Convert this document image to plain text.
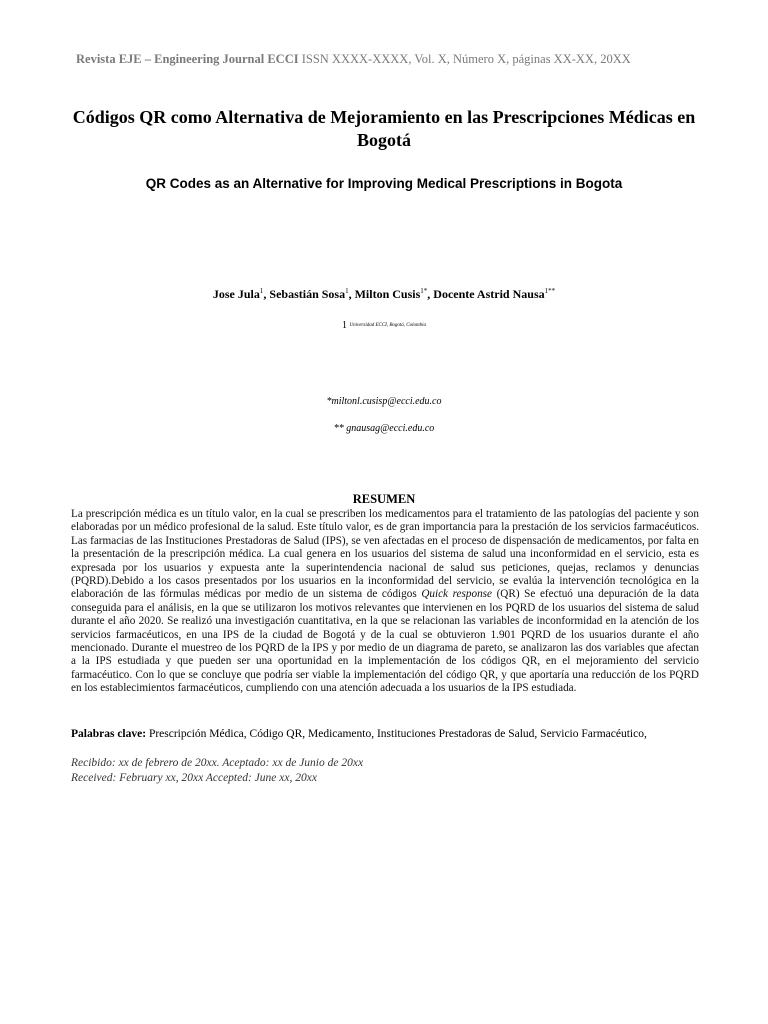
Revista EJE – Engineering Journal ECCI ISSN XXXX-XXXX, Vol. X, Número X, páginas XX-XX, 20XX
Códigos QR como Alternativa de Mejoramiento en las Prescripciones Médicas en Bogotá
QR Codes as an Alternative for Improving Medical Prescriptions in Bogota
Jose Jula$^1$, Sebastián Sosa$^1$, Milton Cusis$^{1*}$, Docente Astrid Nausa$^{1**}$
1 Universidad ECCI, Bogotá, Colombia
*miltonl.cusisp@ecci.edu.co
** gnausag@ecci.edu.co
RESUMEN
La prescripción médica es un título valor, en la cual se prescriben los medicamentos para el tratamiento de las patologías del paciente y son elaboradas por un médico profesional de la salud. Este título valor, es de gran importancia para la prestación de los servicios farmacéuticos. Las farmacias de las Instituciones Prestadoras de Salud (IPS), se ven afectadas en el proceso de dispensación de medicamentos, por falta en la presentación de la prescripción médica. La cual genera en los usuarios del sistema de salud una inconformidad en el servicio, esta es expresada por los usuarios y expuesta ante la superintendencia nacional de salud sus peticiones, quejas, reclamos y denuncias (PQRD).Debido a los casos presentados por los usuarios en la inconformidad del servicio, se evalúa la intervención tecnológica en la elaboración de las fórmulas médicas por medio de un sistema de códigos Quick response (QR) Se efectuó una depuración de la data conseguida para el análisis, en la que se utilizaron los motivos relevantes que intervienen en los PQRD de los usuarios del sistema de salud durante el año 2020. Se realizó una investigación cuantitativa, en la que se relacionan las variables de inconformidad en la atención de los servicios farmacéuticos, en una IPS de la ciudad de Bogotá y de la cual se obtuvieron 1.901 PQRD de los usuarios durante el año mencionado. Durante el muestreo de los PQRD de la IPS y por medio de un diagrama de pareto, se analizaron las dos variables que afectan a la IPS estudiada y que pueden ser una oportunidad en la implementación de los códigos QR, en el mejoramiento del servicio farmacéutico. Con lo que se concluye que podría ser viable la implementación del código QR, y que aportaría una reducción de los PQRD en los establecimientos farmacéuticos, cumpliendo con una atención adecuada a los usuarios de la IPS estudiada.
Palabras clave: Prescripción Médica, Código QR, Medicamento, Instituciones Prestadoras de Salud, Servicio Farmacéutico,
Recibido: xx de febrero de 20xx. Aceptado: xx de Junio de 20xx
Received: February xx, 20xx Accepted: June xx, 20xx
